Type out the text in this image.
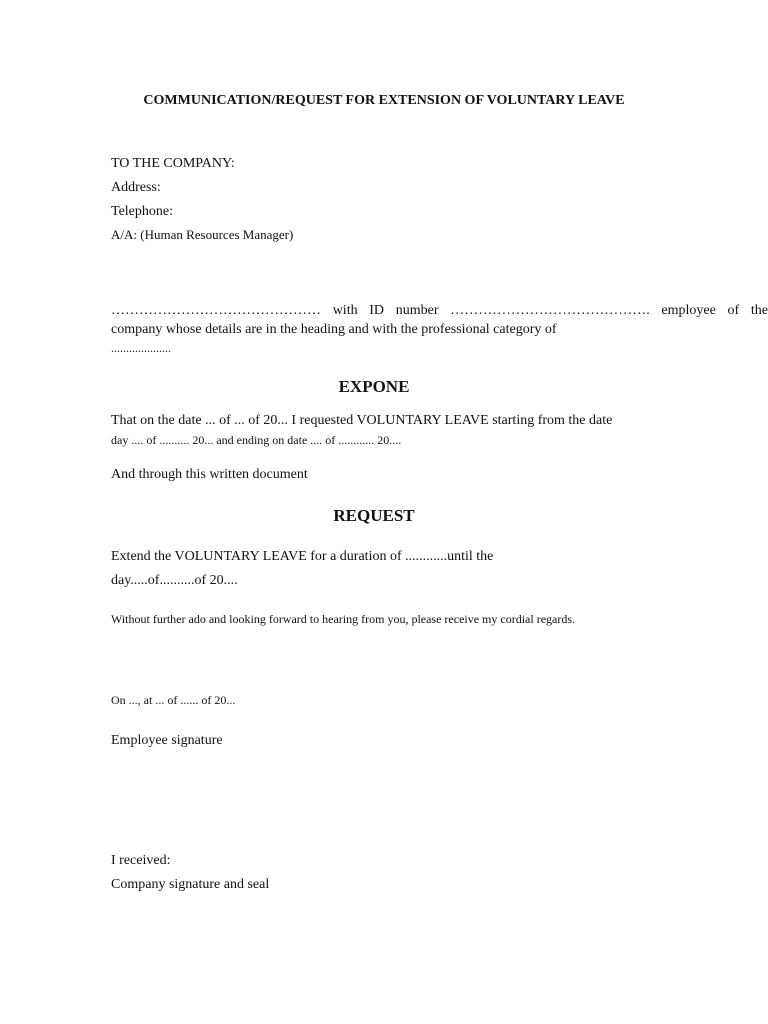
COMMUNICATION/REQUEST FOR EXTENSION OF VOLUNTARY LEAVE
TO THE COMPANY:
Address:
Telephone:
A/A: (Human Resources Manager)
……………………………………… with ID number ……………………………………. employee of the
company whose details are in the heading and with the professional category of
....................
EXPONE
That on the date ... of ... of 20... I requested VOLUNTARY LEAVE starting from the date
day .... of .......... 20... and ending on date .... of ............ 20....
And through this written document
REQUEST
Extend the VOLUNTARY LEAVE for a duration of ............until the
day.....of..........of 20....
Without further ado and looking forward to hearing from you, please receive my cordial regards.
On ..., at ... of ...... of 20...
Employee signature
I received:
Company signature and seal
